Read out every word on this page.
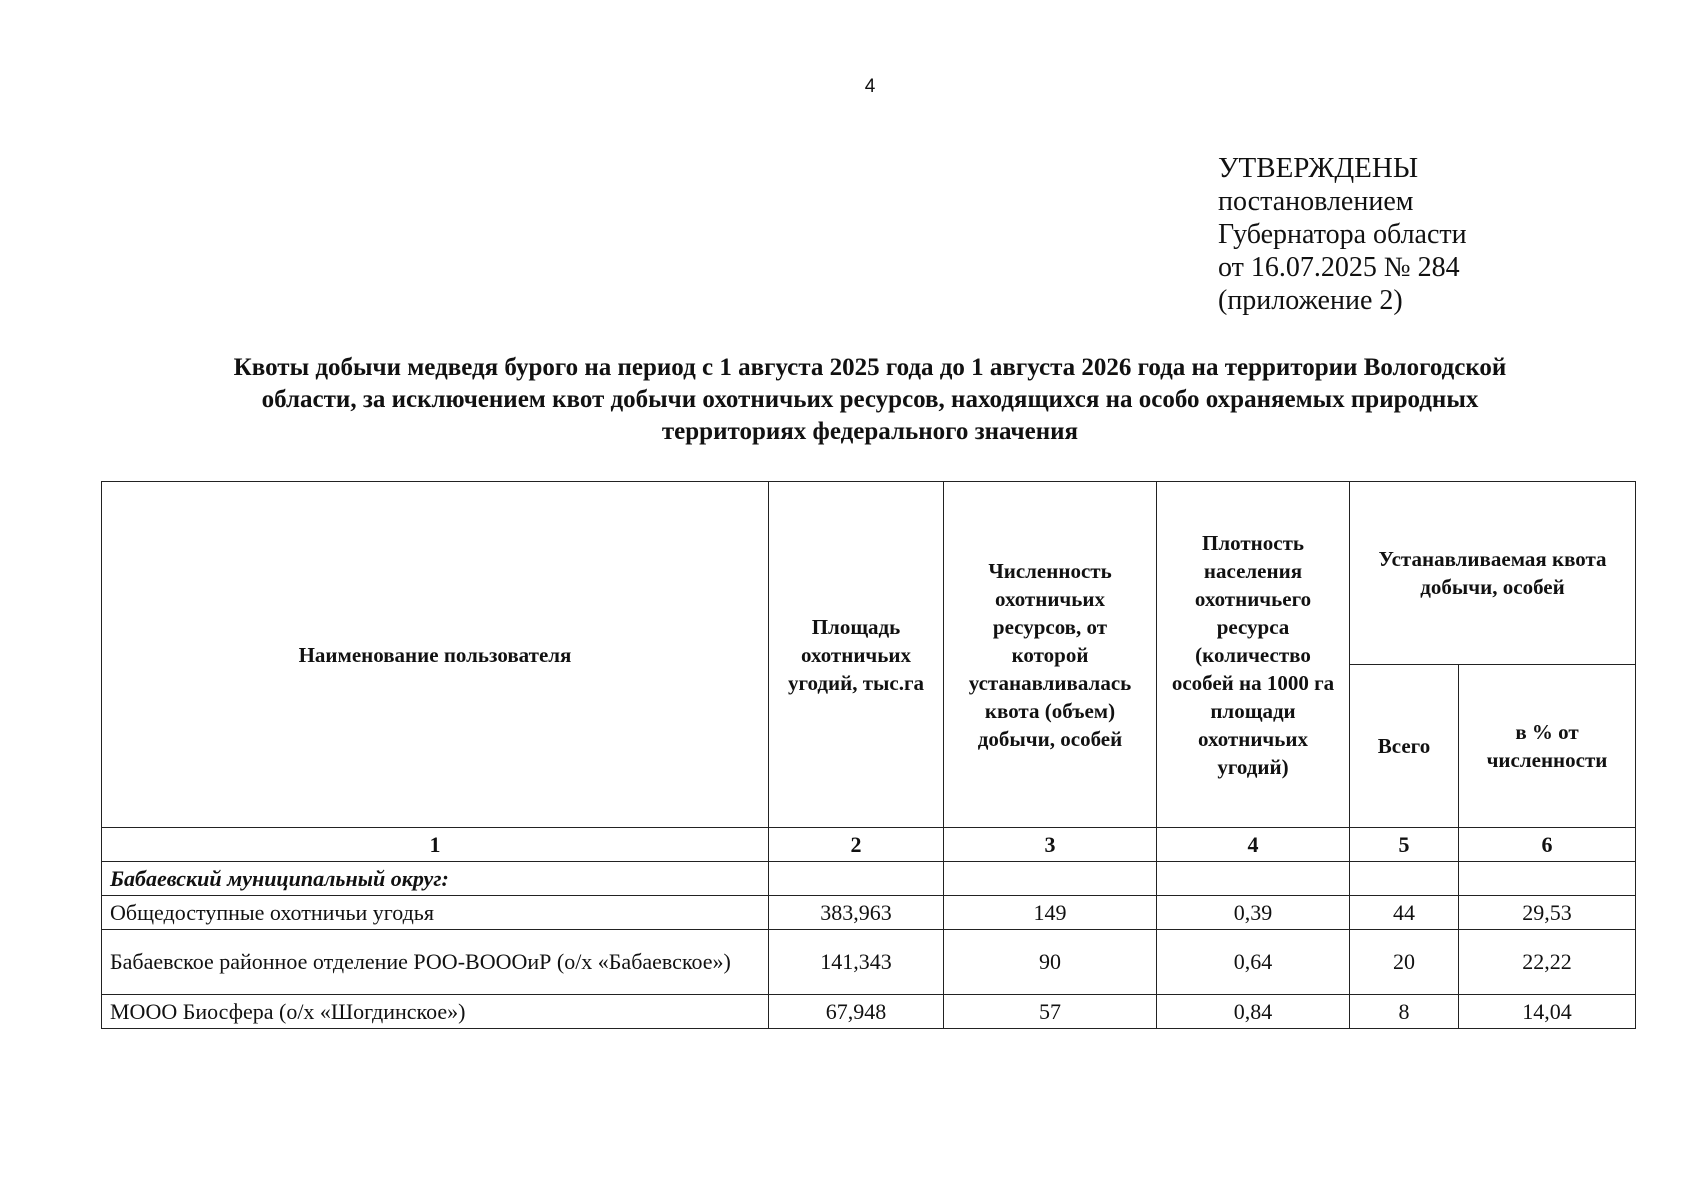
4
УТВЕРЖДЕНЫ
постановлением
Губернатора области
от 16.07.2025 № 284
(приложение 2)
Квоты добычи медведя бурого на период с 1 августа 2025 года до 1 августа 2026 года на территории Вологодской
области, за исключением квот добычи охотничьих ресурсов, находящихся на особо охраняемых природных
территориях федерального значения
Наименование пользователя	Площадь охотничьих угодий, тыс.га	Численность охотничьих ресурсов, от которой устанавливалась квота (объем) добычи, особей	Плотность населения охотничьего ресурса (количество особей на 1000 га площади охотничьих угодий)	Устанавливаемая квота добычи, особей	
				Всего	в % от численности
1	2	3	4	5	6
Бабаевский муниципальный округ:					
Общедоступные охотничьи угодья	383,963	149	0,39	44	29,53
Бабаевское районное отделение РОО-ВОООиР (о/х «Бабаевское»)	141,343	90	0,64	20	22,22
МООО Биосфера (о/х «Шогдинское»)	67,948	57	0,84	8	14,04
